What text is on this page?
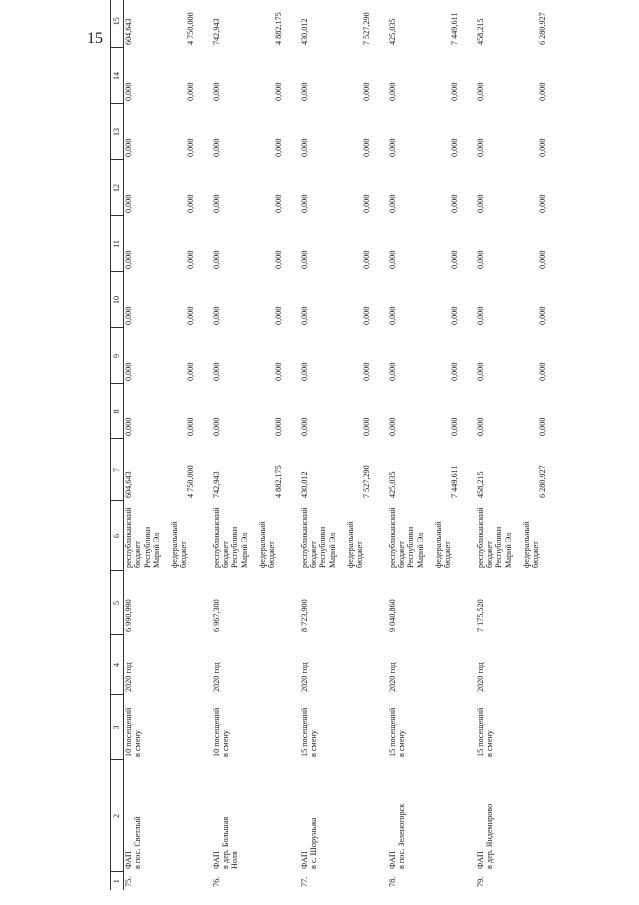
15
1	2	3	4	5	6	7	8	9	10	11	12	13	14	15
75.	ФАП в пос. Светлый	10 посещений в смену	2020 год	6 990,990	республиканский бюджет Республики Марий Эл	604,643	0,000	0,000	0,000	0,000	0,000	0,000	0,000	604,643

					федеральный бюджет	4 750,000	0,000	0,000	0,000	0,000	0,000	0,000	0,000	4 750,000
76.	ФАП в дер. Большая Ноля	10 посещений в смену	2020 год	6 967,300	республиканский бюджет Республики Марий Эл	742,943	0,000	0,000	0,000	0,000	0,000	0,000	0,000	742,943

					федеральный бюджет	4 882,175	0,000	0,000	0,000	0,000	0,000	0,000	0,000	4 882,175
77.	ФАП в с. Шоруньжа	15 посещений в смену	2020 год	8 723,900	республиканский бюджет Республики Марий Эл	430,012	0,000	0,000	0,000	0,000	0,000	0,000	0,000	430,012

					федеральный бюджет	7 527,290	0,000	0,000	0,000	0,000	0,000	0,000	0,000	7 527,290
78.	ФАП в пос. Зеленогорск	15 посещений в смену	2020 год	9 040,860	республиканский бюджет Республики Марий Эл	425,035	0,000	0,000	0,000	0,000	0,000	0,000	0,000	425,035

					федеральный бюджет	7 449,611	0,000	0,000	0,000	0,000	0,000	0,000	0,000	7 449,611
79.	ФАП в дер. Яндемирово	15 посещений в смену	2020 год	7 175,520	республиканский бюджет Республики Марий Эл	458,215	0,000	0,000	0,000	0,000	0,000	0,000	0,000	458,215

					федеральный бюджет	6 280,927	0,000	0,000	0,000	0,000	0,000	0,000	0,000	6 280,927
